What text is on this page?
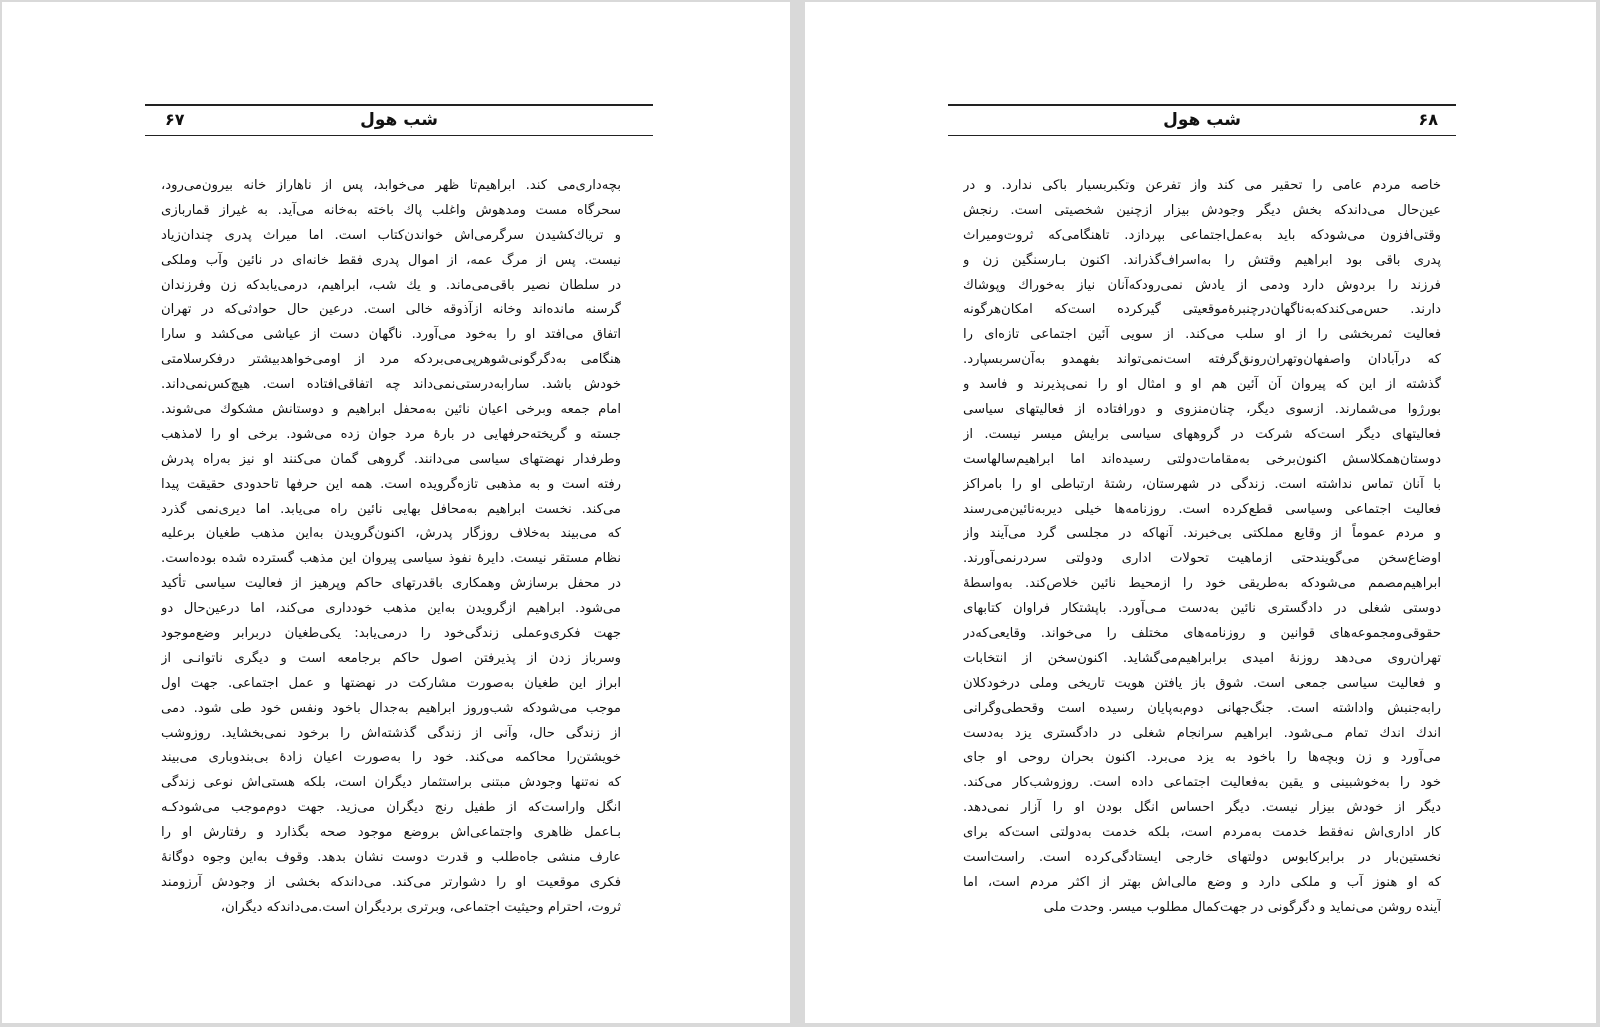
شب هول
۶۷
بچه‌داری‌می کند. ابراهیم‌تا ظهر می‌خوابد، پس از ناهاراز خانه بیرون‌می‌رود،
سحرگاه مست ومدهوش واغلب پاك باخته به‌خانه می‌آید. به غیراز قماربازی
و تریاك‌کشیدن سرگرمی‌اش خواندن‌کتاب است. اما میراث پدری چندان‌زیاد
نیست. پس از مرگ عمه، از اموال پدری فقط خانه‌ای در نائین وآب وملکی
در سلطان نصیر باقی‌می‌ماند. و یك شب، ابراهیم، درمی‌یابدکه زن وفرزندان
گرسنه مانده‌اند وخانه ازآذوقه خالی است. درعین حال حوادثی‌که در تهران
اتفاق می‌افتد او را به‌خود می‌آورد. ناگهان دست از عیاشی می‌کشد و سارا
هنگامی به‌دگرگونی‌شوهرپی‌می‌بردکه مرد از اومی‌خواهدبیشتر درفکرسلامتی
خودش باشد. سارابه‌درستی‌نمی‌داند چه اتفاقی‌افتاده است. هیچ‌کس‌نمی‌داند.
امام جمعه وبرخی اعیان نائین به‌محفل ابراهیم و دوستانش مشکوك می‌شوند.
جسته و گریخته‌حرفهایی در بارهٔ مرد جوان زده می‌شود. برخی او را لامذهب
وطرفدار نهضتهای سیاسی می‌دانند. گروهی گمان می‌کنند او نیز به‌راه پدرش
رفته است و به مذهبی تازه‌گرویده است. همه این حرفها تاحدودی حقیقت پیدا
می‌کند. نخست ابراهیم به‌محافل بهایی نائین راه می‌یابد. اما دیری‌نمی گذرد
که می‌بیند به‌خلاف روزگار پدرش، اکنون‌گرویدن به‌این مذهب طغیان برعلیه
نظام مستقر نیست. دایرهٔ نفوذ سیاسی پیروان این مذهب گسترده شده بوده‌است.
در محفل برسازش وهمکاری باقدرتهای حاکم وپرهیز از فعالیت سیاسی تأکید
می‌شود. ابراهیم ازگرویدن به‌این مذهب خودداری می‌کند، اما درعین‌حال دو
جهت فکری‌وعملی زندگی‌خود را درمی‌یابد: یکی‌طغیان دربرابر وضع‌موجود
وسرباز زدن از پذیرفتن اصول حاکم برجامعه است و دیگری ناتوانـی از
ابراز این طغیان به‌صورت مشارکت در نهضتها و عمل اجتماعی. جهت اول
موجب می‌شودکه شب‌وروز ابراهیم به‌جدال باخود ونفس خود طی شود. دمی
از زندگی حال، وآنی از زندگی گذشته‌اش را برخود نمی‌بخشاید. روزوشب
خویشتن‌را محاکمه می‌کند. خود را به‌صورت اعیان زادهٔ بی‌بندوباری می‌بیند
که نه‌تنها وجودش مبتنی براستثمار دیگران است، بلکه هستی‌اش نوعی زندگی
انگل واراست‌که از طفیل رنج دیگران می‌زید. جهت دوم‌موجب می‌شودکـه
بـاعمل ظاهری واجتماعی‌اش بروضع موجود صحه بگذارد و رفتارش او را
عارف منشی جاه‌طلب و قدرت دوست نشان بدهد. وقوف به‌این وجوه دوگانهٔ
فکری موقعیت او را دشوارتر می‌کند. می‌داندکه بخشی از وجودش آرزومند
ثروت، احترام وحیثیت اجتماعی، وبرتری بردیگران است.می‌داندکه دیگران،
شب هول	۶۸
خاصه مردم عامی را تحقیر می کند واز تفرعن وتکبربسیار باکی ندارد. و در
عین‌حال می‌داندکه بخش دیگر وجودش بیزار ازچنین شخصیتی است. رنجش
وقتی‌افزون می‌شودکه باید به‌عمل‌اجتماعی بپردازد. تاهنگامی‌که ثروت‌ومیراث
پدری باقی بود ابراهیم وقتش را به‌اسراف‌گذراند. اکنون بـارسنگین زن و
فرزند را بردوش دارد ودمی از یادش نمی‌رودکه‌آنان نیاز به‌خوراك وپوشاك
دارند. حس‌می‌کندکه‌به‌ناگهان‌درچنبرهٔ‌موقعیتی گیرکرده است‌که امکان‌هرگونه
فعالیت ثمربخشی را از او سلب می‌کند. از سویی آئین اجتماعی تازه‌ای را
که درآبادان واصفهان‌وتهران‌رونق‌گرفته است‌نمی‌تواند بفهمدو به‌آن‌سربسپارد.
گذشته از این که پیروان آن آئین هم او و امثال او را نمی‌پذیرند و فاسد و
بورژوا می‌شمارند. ازسوی دیگر، چنان‌منزوی و دورافتاده از فعالیتهای سیاسی
فعالیتهای دیگر است‌که شرکت در گروههای سیاسی برایش میسر نیست. از
دوستان‌همکلاسش اکنون‌برخی به‌مقامات‌دولتی رسیده‌اند اما ابراهیم‌سالهاست
با آنان تماس نداشته است. زندگی در شهرستان، رشتهٔ ارتباطی او را بامراکز
فعالیت اجتماعی وسیاسی قطع‌کرده است. روزنامه‌ها خیلی دیربه‌نائین‌می‌رسند
و مردم عموماً از وقایع مملکتی بی‌خبرند. آنهاکه در مجلسی گرد می‌آیند واز
اوضاع‌سخن می‌گویندحتی ازماهیت تحولات اداری ودولتی سردرنمی‌آورند.
ابراهیم‌مصمم می‌شودکه به‌طریقی خود را ازمحیط نائین خلاص‌کند. به‌واسطهٔ
دوستی شغلی در دادگستری نائین به‌دست مـی‌آورد. باپشتکار فراوان کتابهای
حقوقی‌ومجموعه‌های قوانین و روزنامه‌های مختلف را می‌خواند. وقایعی‌که‌در
تهران‌روی می‌دهد روزنهٔ امیدی برابراهیم‌می‌گشاید. اکنون‌سخن از انتخابات
و فعالیت سیاسی جمعی است. شوق باز یافتن هویت تاریخی وملی درخودکلان
رابه‌جنبش واداشته است. جنگ‌جهانی دوم‌به‌پایان رسیده است وقحطی‌وگرانی
اندك اندك تمام مـی‌شود. ابراهیم سرانجام شغلی در دادگستری یزد به‌دست
می‌آورد و زن وبچه‌ها را باخود به یزد می‌برد. اکنون بحران روحی او جای
خود را به‌خوشبینی و یقین به‌فعالیت اجتماعی داده است. روزوشب‌کار می‌کند.
دیگر از خودش بیزار نیست. دیگر احساس انگل بودن او را آزار نمی‌دهد.
کار اداری‌اش نه‌فقط خدمت به‌مردم است، بلکه خدمت به‌دولتی است‌که برای
نخستین‌بار در برابرکابوس دولتهای خارجی ایستادگی‌کرده است. راست‌است
که او هنوز آب و ملکی دارد و وضع مالی‌اش بهتر از اکثر مردم است، اما
آینده روشن می‌نماید و دگرگونی در جهت‌کمال مطلوب میسر. وحدت ملی
